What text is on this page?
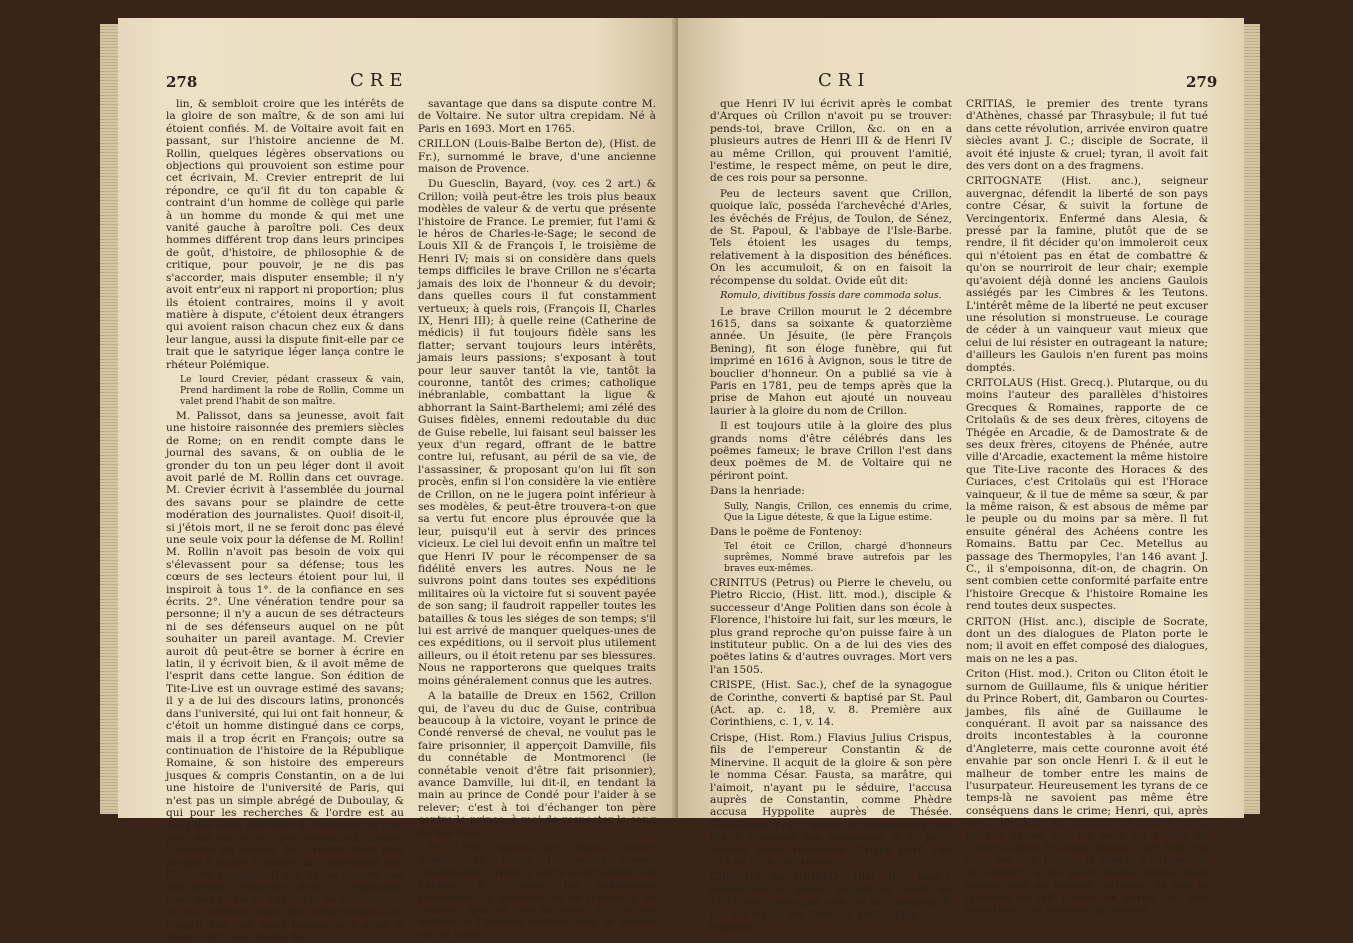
278	CRE

lin, & sembloit croire que les intérêts de la gloire de son maître, & de son ami lui étoient confiés. M. de Voltaire avoit fait en passant, sur l'histoire ancienne de M. Rollin, quelques légères observations ou objections qui prouvoient son estime pour cet écrivain, M. Crevier entreprit de lui répondre, ce qu'il fit du ton capable & contraint d'un homme de collège qui parle à un homme du monde & qui met une vanité gauche à paroître poli. Ces deux hommes différent trop dans leurs principes de goût, d'histoire, de philosophie & de critique, pour pouvoir, je ne dis pas s'accorder, mais disputer ensemble; il n'y avoit entr'eux ni rapport ni proportion; plus ils étoient contraires, moins il y avoit matière à dispute, c'étoient deux étrangers qui avoient raison chacun chez eux & dans leur langue, aussi la dispute finit-elle par ce trait que le satyrique léger lança contre le rhéteur Polémique.

Le lourd Crevier, pédant crasseux & vain, Prend hardiment la robe de Rollin, Comme un valet prend l'habit de son maître.

M. Palissot, dans sa jeunesse, avoit fait une histoire raisonnée des premiers siècles de Rome; on en rendit compte dans le journal des savans, & on oublia de le gronder du ton un peu léger dont il avoit avoit parlé de M. Rollin dans cet ouvrage. M. Crevier écrivit à l'assemblée du journal des savans pour se plaindre de cette modération des journalistes. Quoi! disoit-il, si j'étois mort, il ne se feroit donc pas élevé une seule voix pour la défense de M. Rollin! M. Rollin n'avoit pas besoin de voix qui s'élevassent pour sa défense; tous les cœurs de ses lecteurs étoient pour lui, il inspiroit à tous 1°. de la confiance en ses écrits. 2°. Une vénération tendre pour sa personne; il n'y a aucun de ses détracteurs ni de ses défenseurs auquel on ne pût souhaiter un pareil avantage. M. Crevier auroit dû peut-être se borner à écrire en latin, il y écrivoit bien, & il avoit même de l'esprit dans cette langue. Son édition de Tite-Live est un ouvrage estimé des savans; il y a de lui des discours latins, prononcés dans l'université, qui lui ont fait honneur, & c'étoit un homme distingué dans ce corps, mais il a trop écrit en François; outre sa continuation de l'histoire de la République Romaine, & son histoire des empereurs jusques & compris Constantin, on a de lui une histoire de l'université de Paris, qui n'est pas un simple abrégé de Duboulay, & qui pour les recherches & l'ordre est au rang des bons ouvrages d'érudition; on n'en peut pas vanter le style; cependant, comme l'observe un auteur, M. Crevier étoit plus propre à écrire l'histoire de l'université que l'histoire romaine. Il y a de lui encore une Rhétorique Françoise, dont la réputation n'est pas sortie de l'enceinte de l'université; on lui attribue aussi des observations sur l'esprit des loix, dans lesquelles il avoit le même tort, & le même dé-

savantage que dans sa dispute contre M. de Voltaire. Ne sutor ultra crepidam. Né à Paris en 1693. Mort en 1765.

CRILLON (Louis-Balbe Berton de), (Hist. de Fr.), surnommé le brave, d'une ancienne maison de Provence.

Du Guesclin, Bayard, (voy. ces 2 art.) & Crillon; voilà peut-être les trois plus beaux modèles de valeur & de vertu que présente l'histoire de France. Le premier, fut l'ami & le héros de Charles-le-Sage; le second de Louis XII & de François I, le troisième de Henri IV; mais si on considère dans quels temps difficiles le brave Crillon ne s'écarta jamais des loix de l'honneur & du devoir; dans quelles cours il fut constamment vertueux; à quels rois, (François II, Charles IX, Henri III); à quelle reine (Catherine de médicis) il fut toujours fidèle sans les flatter; servant toujours leurs intérêts, jamais leurs passions; s'exposant à tout pour leur sauver tantôt la vie, tantôt la couronne, tantôt des crimes; catholique inébranlable, combattant la ligue & abhorrant la Saint-Barthelemi; ami zélé des Guises fidèles, ennemi redoutable du duc de Guise rebelle, lui faisant seul baisser les yeux d'un regard, offrant de le battre contre lui, refusant, au péril de sa vie, de l'assassiner, & proposant qu'on lui fît son procès, enfin si l'on considère la vie entière de Crillon, on ne le jugera point inférieur à ses modèles, & peut-être trouvera-t-on que sa vertu fut encore plus éprouvée que la leur, puisqu'il eut à servir des princes vicieux. Le ciel lui devoit enfin un maître tel que Henri IV pour le récompenser de sa fidélité envers les autres. Nous ne le suivrons point dans toutes ses expéditions militaires où la victoire fut si souvent payée de son sang; il faudroit rappeller toutes les batailles & tous les siéges de son temps; s'il lui est arrivé de manquer quelques-unes de ces expéditions, ou il servoit plus utilement ailleurs, ou il étoit retenu par ses blessures. Nous ne rapporterons que quelques traits moins généralement connus que les autres.

A la bataille de Dreux en 1562, Crillon qui, de l'aveu du duc de Guise, contribua beaucoup à la victoire, voyant le prince de Condé renversé de cheval, ne voulut pas le faire prisonnier, il apperçoit Damville, fils du connétable de Montmorenci (le connétable venoit d'être fait prisonnier), avance Damville, lui dit-il, en tendant la main au prince de Condé pour l'aider à se relever; c'est à toi d'échanger ton père contre le prince, à moi de respecter le sang de nos rois.

En 1592 l'amiral de Villars, encore ennemi de Henri IV, ayant investi Quilleboeuf, Crillon y entra lui troisième, en bateau, & lorsque les assiégeans sommèrent la garnison de se rendre, il ne répondit que ce peu de mots: Crillon est dedans & l'ennemi dehors. Tout le monde sait le billet

CRI	279

que Henri IV lui écrivit après le combat d'Arques où Crillon n'avoit pu se trouver: pends-toi, brave Crillon, &c. on en a plusieurs autres de Henri III & de Henri IV au même Crillon, qui prouvent l'amitié, l'estime, le respect même, on peut le dire, de ces rois pour sa personne.

Peu de lecteurs savent que Crillon, quoique laïc, posséda l'archevêché d'Arles, les évêchés de Fréjus, de Toulon, de Sénez, de St. Papoul, & l'abbaye de l'Isle-Barbe. Tels étoient les usages du temps, relativement à la disposition des bénéfices. On les accumuloit, & on en faisoit la récompense du soldat. Ovide eût dit:

Romulo, divitibus fossis dare commoda solus.

Le brave Crillon mourut le 2 décembre 1615, dans sa soixante & quatorzième année. Un Jésuite, (le père François Bening), fit son éloge funèbre, qui fut imprimé en 1616 à Avignon, sous le titre de bouclier d'honneur. On a publié sa vie à Paris en 1781, peu de temps après que la prise de Mahon eut ajouté un nouveau laurier à la gloire du nom de Crillon.

Il est toujours utile à la gloire des plus grands noms d'être célébrés dans les poëmes fameux; le brave Crillon l'est dans deux poëmes de M. de Voltaire qui ne périront point.

Dans la henriade:

Sully, Nangis, Crillon, ces ennemis du crime, Que la Ligue déteste, & que la Ligue estime.

Dans le poëme de Fontenoy:

Tel étoit ce Crillon, chargé d'honneurs suprêmes, Nommé brave autrefois par les braves eux-mêmes.

CRINITUS (Petrus) ou Pierre le chevelu, ou Pietro Riccio, (Hist. litt. mod.), disciple & successeur d'Ange Politien dans son école à Florence, l'histoire lui fait, sur les mœurs, le plus grand reproche qu'on puisse faire à un instituteur public. On a de lui des vies des poëtes latins & d'autres ouvrages. Mort vers l'an 1505.

CRISPE, (Hist. Sac.), chef de la synagogue de Corinthe, converti & baptisé par St. Paul (Act. ap. c. 18, v. 8. Première aux Corinthiens, c. 1, v. 14.

Crispe, (Hist. Rom.) Flavius Julius Crispus, fils de l'empereur Constantin & de Minervine. Il acquit de la gloire & son père le nomma César. Fausta, sa marâtre, qui l'aimoit, n'ayant pu le séduire, l'accusa auprès de Constantin, comme Phèdre accusa Hyppolite auprès de Thésée. Constantin crut Fausta & empoisonna son fils, il reconnut son innocence, & fit périr Fausta: triste ressource. Crispe périt l'an 324 de l'ère chrétienne.

CRISPUS ou CRISPO (Hist. litt. mod.), théologien & poëte napolitain, mort en 1595, est connu par une vie de Sannasar & par un traité: de Ethnicis philosophis cauté legendis.

CRITIAS, le premier des trente tyrans d'Athènes, chassé par Thrasybule; il fut tué dans cette révolution, arrivée environ quatre siècles avant J. C.; disciple de Socrate, il avoit été injuste & cruel; tyran, il avoit fait des vers dont on a des fragmens.

CRITOGNATE (Hist. anc.), seigneur auvergnac, défendit la liberté de son pays contre César, & suivit la fortune de Vercingentorix. Enfermé dans Alesia, & pressé par la famine, plutôt que de se rendre, il fit décider qu'on immoleroit ceux qui n'étoient pas en état de combattre & qu'on se nourriroit de leur chair; exemple qu'avoient déjà donné les anciens Gaulois assiégés par les Cimbres & les Teutons. L'intérêt même de la liberté ne peut excuser une résolution si monstrueuse. Le courage de céder à un vainqueur vaut mieux que celui de lui résister en outrageant la nature; d'ailleurs les Gaulois n'en furent pas moins domptés.

CRITOLAUS (Hist. Grecq.). Plutarque, ou du moins l'auteur des parallèles d'histoires Grecques & Romaines, rapporte de ce Critolaüs & de ses deux frères, citoyens de Thégée en Arcadie, & de Damostrate & de ses deux frères, citoyens de Phénée, autre ville d'Arcadie, exactement la même histoire que Tite-Live raconte des Horaces & des Curiaces, c'est Critolaüs qui est l'Horace vainqueur, & il tue de même sa sœur, & par la même raison, & est absous de même par le peuple ou du moins par sa mère. Il fut ensuite général des Achéens contre les Romains. Battu par Cec. Metellus au passage des Thermopyles, l'an 146 avant J. C., il s'empoisonna, dit-on, de chagrin. On sent combien cette conformité parfaite entre l'histoire Grecque & l'histoire Romaine les rend toutes deux suspectes.

CRITON (Hist. anc.), disciple de Socrate, dont un des dialogues de Platon porte le nom; il avoit en effet composé des dialogues, mais on ne les a pas.

Criton (Hist. mod.). Criton ou Cliton étoit le surnom de Guillaume, fils & unique héritier du Prince Robert, dit, Gambaron ou Courtes-jambes, fils aîné de Guillaume le conquérant. Il avoit par sa naissance des droits incontestables à la couronne d'Angleterre, mais cette couronne avoit été envahie par son oncle Henri I. & il eut le malheur de tomber entre les mains de l'usurpateur. Heureusement les tyrans de ce temps-là ne savoient pas même être conséquens dans le crime; Henri, qui, après avoir été lâche au malheureux Robert en lui faisant passer sur les yeux un bassin de cuivre ardent, le laissa languir vingt-huit ans dans les fers, laissoit la liberté à Criton, fils de Robert; il lui avoit même donné pour gouverneur un homme vertueux, ce que la tyrannie ne fait guères en pareil cas, son intention étoit vraisemblablement
